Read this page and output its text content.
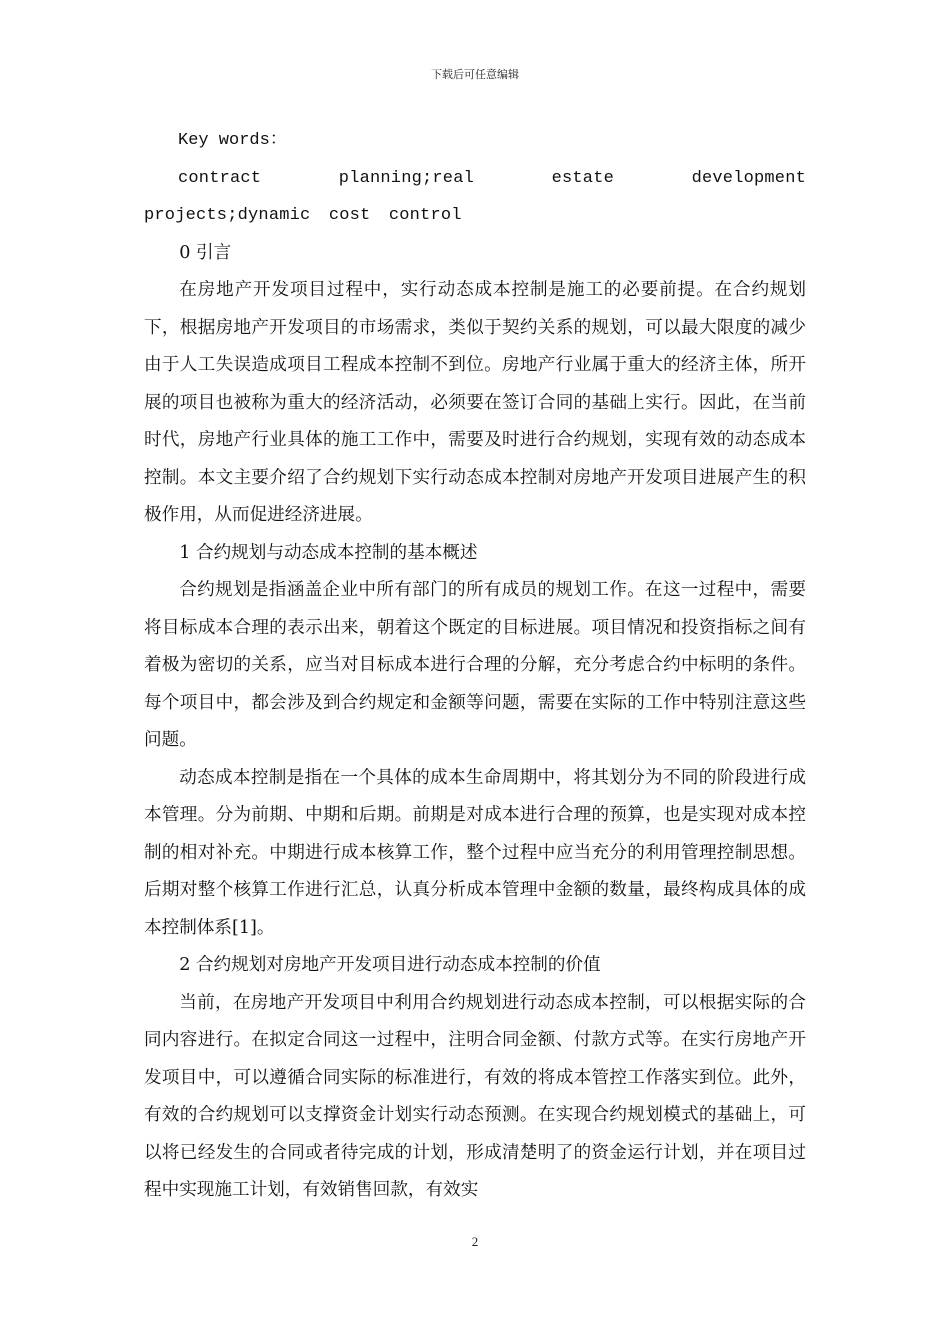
下载后可任意编辑

Key words：

contract planning;real estate development projects;dynamic cost control

0 引言

在房地产开发项目过程中，实行动态成本控制是施工的必要前提。在合约规划下，根据房地产开发项目的市场需求，类似于契约关系的规划，可以最大限度的减少由于人工失误造成项目工程成本控制不到位。房地产行业属于重大的经济主体，所开展的项目也被称为重大的经济活动，必须要在签订合同的基础上实行。因此，在当前时代，房地产行业具体的施工工作中，需要及时进行合约规划，实现有效的动态成本控制。本文主要介绍了合约规划下实行动态成本控制对房地产开发项目进展产生的积极作用，从而促进经济进展。

1 合约规划与动态成本控制的基本概述

合约规划是指涵盖企业中所有部门的所有成员的规划工作。在这一过程中，需要将目标成本合理的表示出来，朝着这个既定的目标进展。项目情况和投资指标之间有着极为密切的关系，应当对目标成本进行合理的分解，充分考虑合约中标明的条件。每个项目中，都会涉及到合约规定和金额等问题，需要在实际的工作中特别注意这些问题。

动态成本控制是指在一个具体的成本生命周期中，将其划分为不同的阶段进行成本管理。分为前期、中期和后期。前期是对成本进行合理的预算，也是实现对成本控制的相对补充。中期进行成本核算工作，整个过程中应当充分的利用管理控制思想。后期对整个核算工作进行汇总，认真分析成本管理中金额的数量，最终构成具体的成本控制体系[1]。

2 合约规划对房地产开发项目进行动态成本控制的价值

当前，在房地产开发项目中利用合约规划进行动态成本控制，可以根据实际的合同内容进行。在拟定合同这一过程中，注明合同金额、付款方式等。在实行房地产开发项目中，可以遵循合同实际的标准进行，有效的将成本管控工作落实到位。此外，有效的合约规划可以支撑资金计划实行动态预测。在实现合约规划模式的基础上，可以将已经发生的合同或者待完成的计划，形成清楚明了的资金运行计划，并在项目过程中实现施工计划，有效销售回款，有效实

2
